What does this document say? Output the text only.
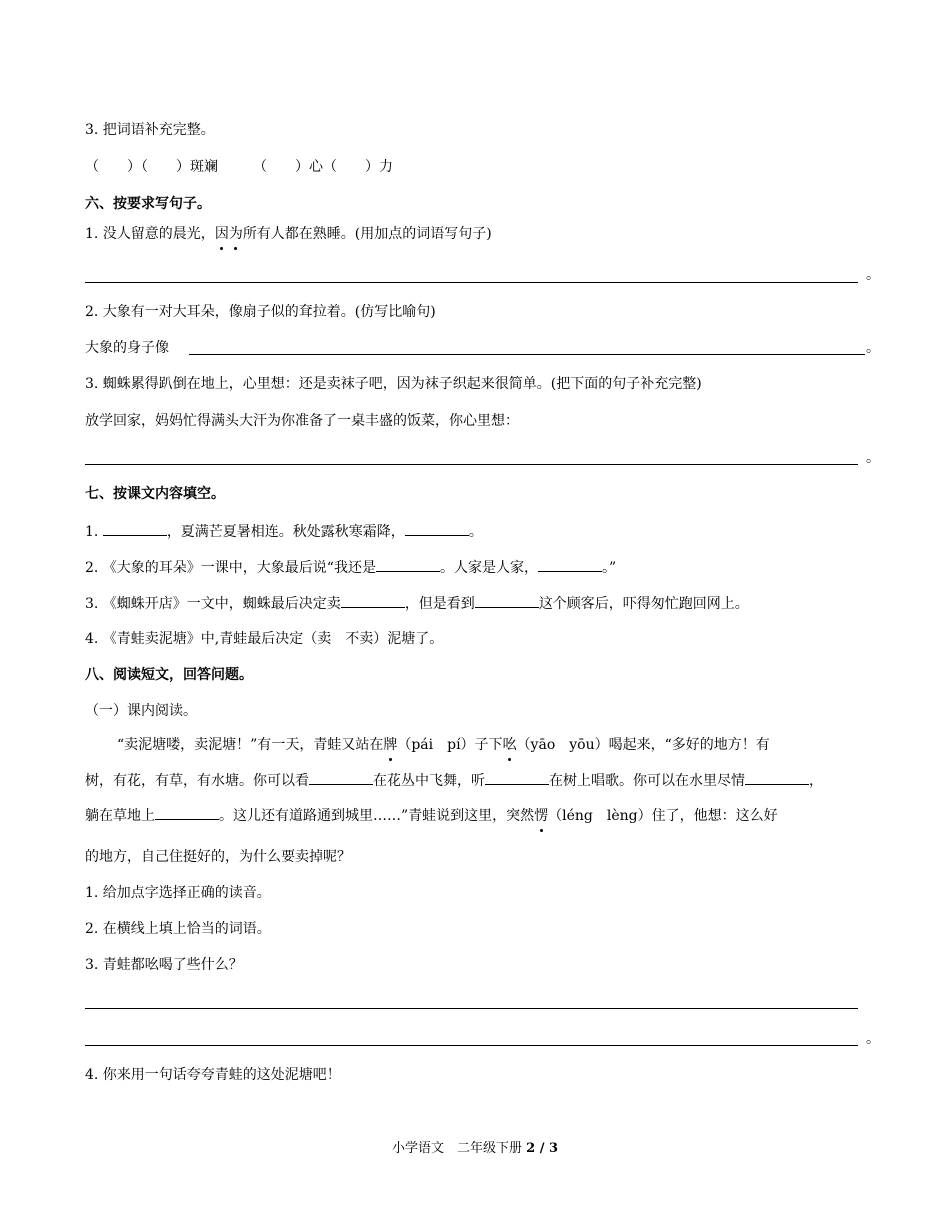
3. 把词语补充完整。
（　　）（　　）斑斓　　　（　　）心（　　）力
六、按要求写句子。
1. 没人留意的晨光，因为所有人都在熟睡。(用加点的词语写句子)
。
2. 大象有一对大耳朵，像扇子似的耷拉着。(仿写比喻句)
大象的身子像	。
3. 蜘蛛累得趴倒在地上，心里想：还是卖袜子吧，因为袜子织起来很简单。(把下面的句子补充完整)
放学回家，妈妈忙得满头大汗为你准备了一桌丰盛的饭菜，你心里想：
。
七、按课文内容填空。
1.	，夏满芒夏暑相连。秋处露秋寒霜降，	。
2. 《大象的耳朵》一课中，大象最后说“我还是	。人家是人家，	。”
3. 《蜘蛛开店》一文中，蜘蛛最后决定卖	，但是看到	这个顾客后，吓得匆忙跑回网上。
4. 《青蛙卖泥塘》中,青蛙最后决定（卖　不卖）泥塘了。
八、阅读短文，回答问题。
（一）课内阅读。
“卖泥塘喽，卖泥塘！”有一天，青蛙又站在牌（pái　pí）子下吆（yāo　yōu）喝起来，“多好的地方！有
树，有花，有草，有水塘。你可以看	在花丛中飞舞，听	在树上唱歌。你可以在水里尽情	，
躺在草地上	。这儿还有道路通到城里……”青蛙说到这里，突然愣（léng　lèng）住了，他想：这么好
的地方，自己住挺好的，为什么要卖掉呢？
1. 给加点字选择正确的读音。
2. 在横线上填上恰当的词语。
3. 青蛙都吆喝了些什么？
。
4. 你来用一句话夸夸青蛙的这处泥塘吧！
小学语文　二年级下册 2 / 3
